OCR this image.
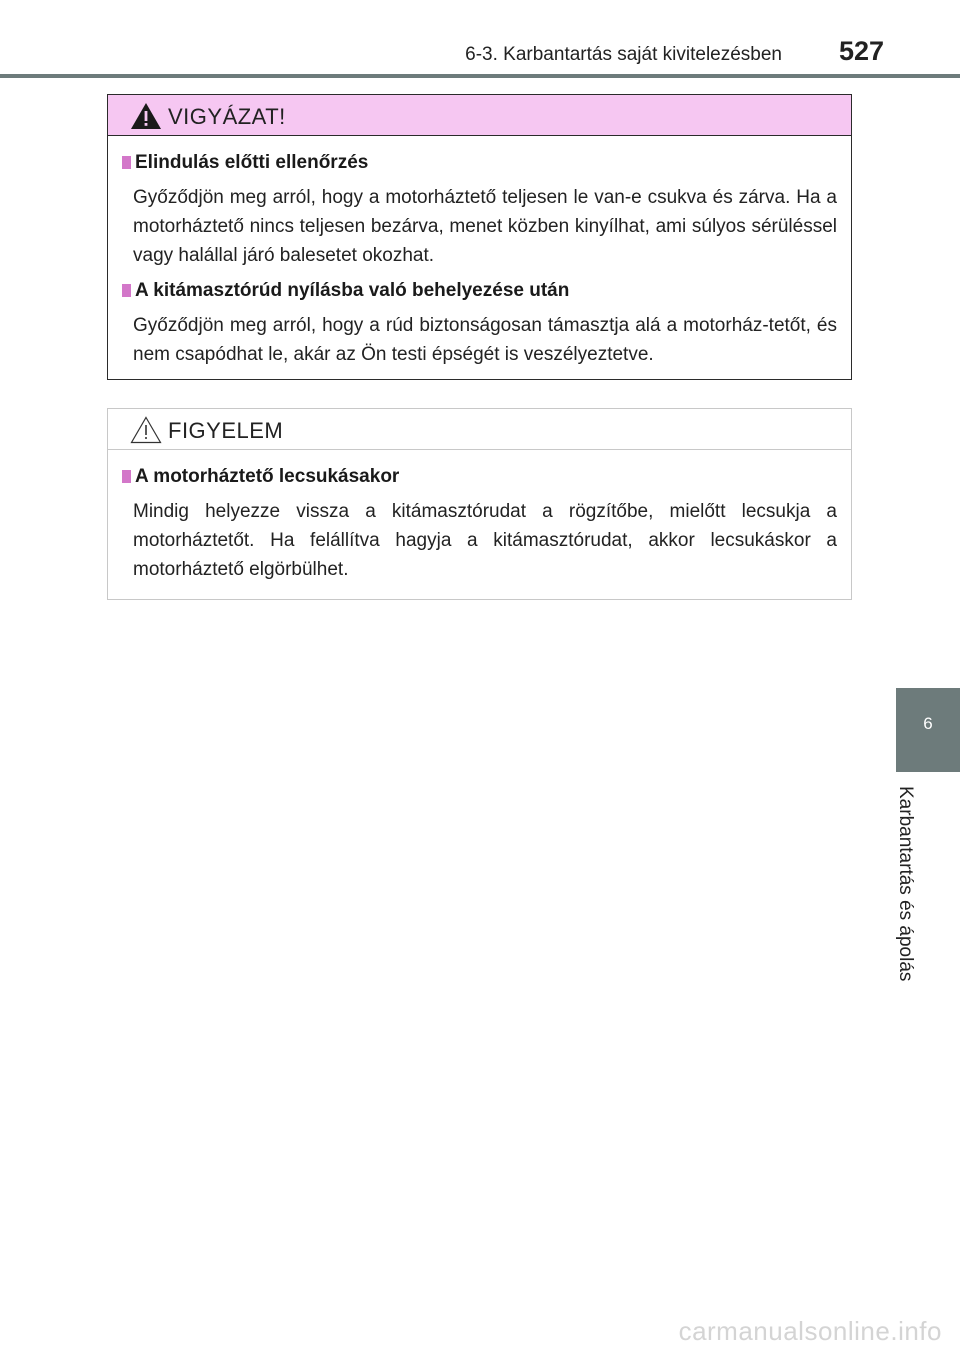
6-3. Karbantartás saját kivitelezésben 527
VIGYÁZAT!
Elindulás előtti ellenőrzés
Győződjön meg arról, hogy a motorháztető teljesen le van-e csukva és zárva. Ha a motorháztető nincs teljesen bezárva, menet közben kinyílhat, ami súlyos sérüléssel vagy halállal járó balesetet okozhat.
A kitámasztórúd nyílásba való behelyezése után
Győződjön meg arról, hogy a rúd biztonságosan támasztja alá a motorház-tetőt, és nem csapódhat le, akár az Ön testi épségét is veszélyeztetve.
FIGYELEM
A motorháztető lecsukásakor
Mindig helyezze vissza a kitámasztórudat a rögzítőbe, mielőtt lecsukja a motorháztetőt. Ha felállítva hagyja a kitámasztórudat, akkor lecsukáskor a motorháztető elgörbülhet.
6
Karbantartás és ápolás
carmanualsonline.info
